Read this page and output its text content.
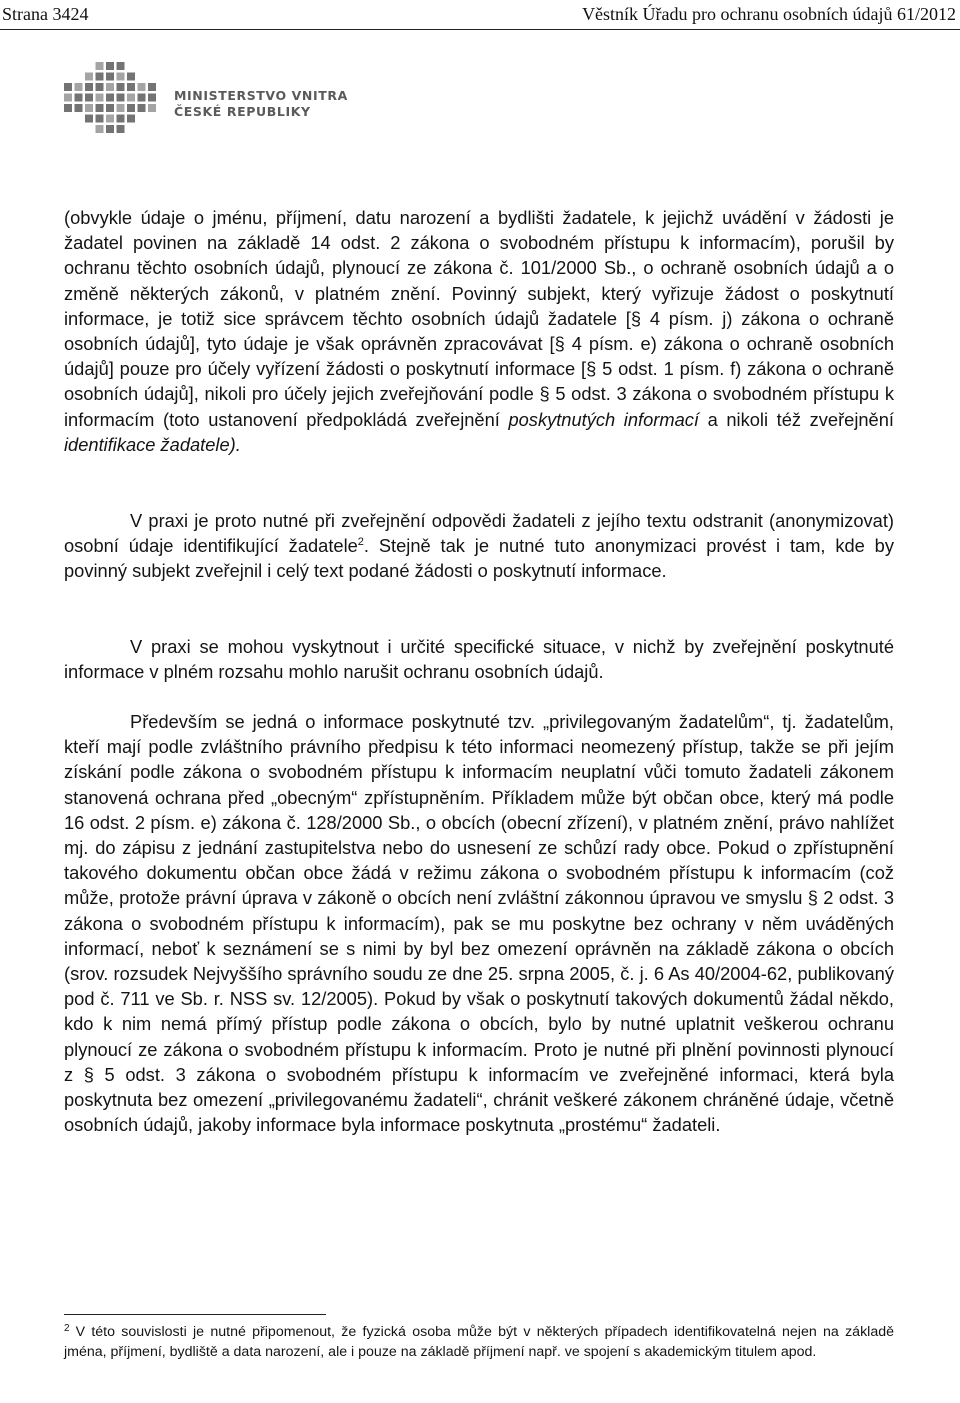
Strana 3424	Věstník Úřadu pro ochranu osobních údajů 61/2012
MINISTERSTVO VNITRA
ČESKÉ REPUBLIKY

(obvykle údaje o jménu, příjmení, datu narození a bydlišti žadatele, k jejichž uvádění v žádosti je žadatel povinen na základě 14 odst. 2 zákona o svobodném přístupu k informacím), porušil by ochranu těchto osobních údajů, plynoucí ze zákona č. 101/2000 Sb., o ochraně osobních údajů a o změně některých zákonů, v platném znění. Povinný subjekt, který vyřizuje žádost o poskytnutí informace, je totiž sice správcem těchto osobních údajů žadatele [§ 4 písm. j) zákona o ochraně osobních údajů], tyto údaje je však oprávněn zpracovávat [§ 4 písm. e) zákona o ochraně osobních údajů] pouze pro účely vyřízení žádosti o poskytnutí informace [§ 5 odst. 1 písm. f) zákona o ochraně osobních údajů], nikoli pro účely jejich zveřejňování podle § 5 odst. 3 zákona o svobodném přístupu k informacím (toto ustanovení předpokládá zveřejnění poskytnutých informací a nikoli též zveřejnění identifikace žadatele).

V praxi je proto nutné při zveřejnění odpovědi žadateli z jejího textu odstranit (anonymizovat) osobní údaje identifikující žadatele$^2$. Stejně tak je nutné tuto anonymizaci provést i tam, kde by povinný subjekt zveřejnil i celý text podané žádosti o poskytnutí informace.

V praxi se mohou vyskytnout i určité specifické situace, v nichž by zveřejnění poskytnuté informace v plném rozsahu mohlo narušit ochranu osobních údajů.

Především se jedná o informace poskytnuté tzv. „privilegovaným žadatelům“, tj. žadatelům, kteří mají podle zvláštního právního předpisu k této informaci neomezený přístup, takže se při jejím získání podle zákona o svobodném přístupu k informacím neuplatní vůči tomuto žadateli zákonem stanovená ochrana před „obecným“ zpřístupněním. Příkladem může být občan obce, který má podle 16 odst. 2 písm. e) zákona č. 128/2000 Sb., o obcích (obecní zřízení), v platném znění, právo nahlížet mj. do zápisu z jednání zastupitelstva nebo do usnesení ze schůzí rady obce. Pokud o zpřístupnění takového dokumentu občan obce žádá v režimu zákona o svobodném přístupu k informacím (což může, protože právní úprava v zákoně o obcích není zvláštní zákonnou úpravou ve smyslu § 2 odst. 3 zákona o svobodném přístupu k informacím), pak se mu poskytne bez ochrany v něm uváděných informací, neboť k seznámení se s nimi by byl bez omezení oprávněn na základě zákona o obcích (srov. rozsudek Nejvyššího správního soudu ze dne 25. srpna 2005, č. j. 6 As 40/2004-62, publikovaný pod č. 711 ve Sb. r. NSS sv. 12/2005). Pokud by však o poskytnutí takových dokumentů žádal někdo, kdo k nim nemá přímý přístup podle zákona o obcích, bylo by nutné uplatnit veškerou ochranu plynoucí ze zákona o svobodném přístupu k informacím. Proto je nutné při plnění povinnosti plynoucí z § 5 odst. 3 zákona o svobodném přístupu k informacím ve zveřejněné informaci, která byla poskytnuta bez omezení „privilegovanému žadateli“, chránit veškeré zákonem chráněné údaje, včetně osobních údajů, jakoby informace byla informace poskytnuta „prostému“ žadateli.

$^2$ V této souvislosti je nutné připomenout, že fyzická osoba může být v některých případech identifikovatelná nejen na základě jména, příjmení, bydliště a data narození, ale i pouze na základě příjmení např. ve spojení s akademickým titulem apod.
